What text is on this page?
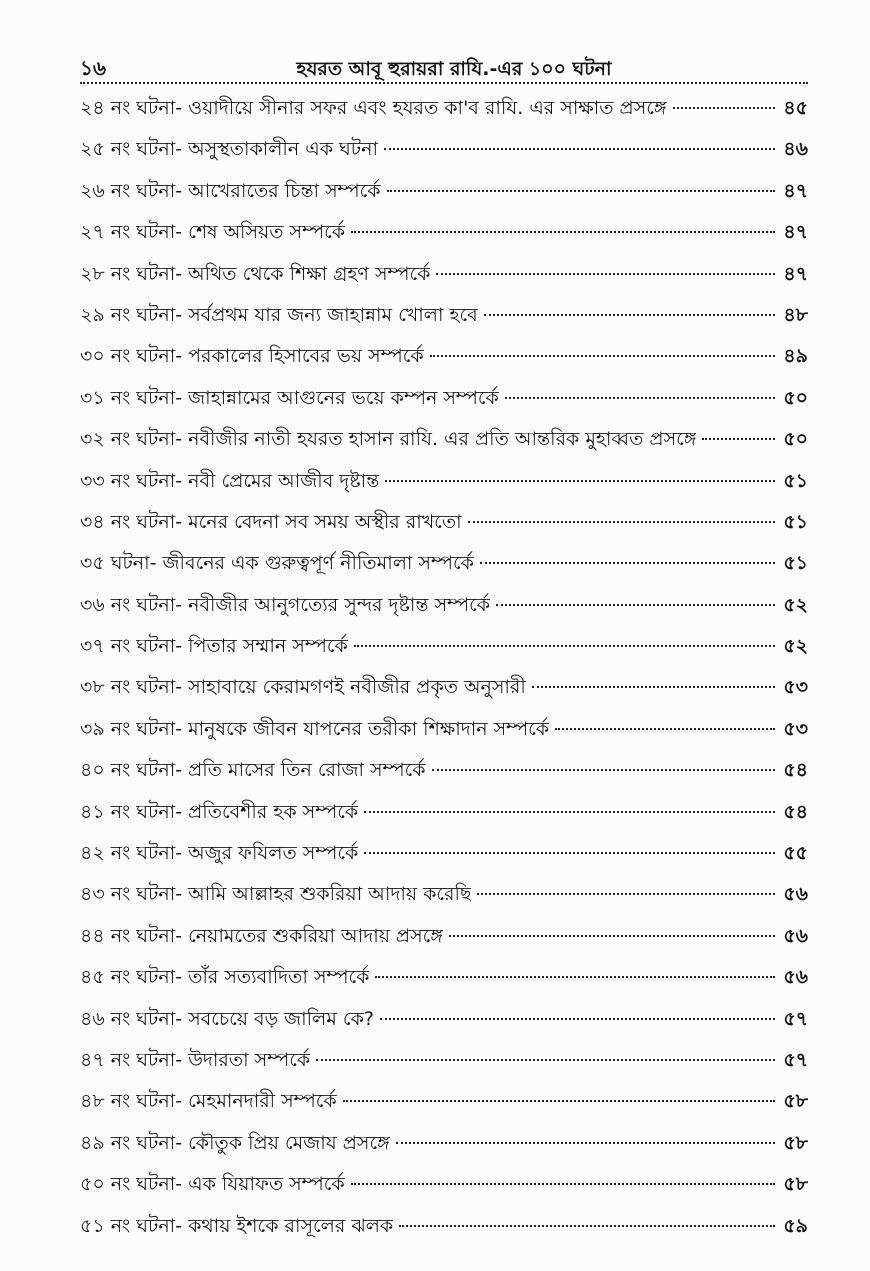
১৬	হযরত আবূ হুরায়রা রাযি.-এর ১০০ ঘটনা
২৪ নং ঘটনা- ওয়াদীয়ে সীনার সফর এবং হযরত কা'ব রাযি. এর সাক্ষাত প্রসঙ্গে	৪৫
২৫ নং ঘটনা- অসুস্থতাকালীন এক ঘটনা	৪৬
২৬ নং ঘটনা- আখেরাতের চিন্তা সম্পর্কে	৪৭
২৭ নং ঘটনা- শেষ অসিয়ত সম্পর্কে	৪৭
২৮ নং ঘটনা- অথিত থেকে শিক্ষা গ্রহণ সম্পর্কে	৪৭
২৯ নং ঘটনা- সর্বপ্রথম যার জন্য জাহান্নাম খোলা হবে	৪৮
৩০ নং ঘটনা- পরকালের হিসাবের ভয় সম্পর্কে	৪৯
৩১ নং ঘটনা- জাহান্নামের আগুনের ভয়ে কম্পন সম্পর্কে	৫০
৩২ নং ঘটনা- নবীজীর নাতী হযরত হাসান রাযি. এর প্রতি আন্তরিক মুহাব্বত প্রসঙ্গে	৫০
৩৩ নং ঘটনা- নবী প্রেমের আজীব দৃষ্টান্ত	৫১
৩৪ নং ঘটনা- মনের বেদনা সব সময় অস্থীর রাখতো	৫১
৩৫ ঘটনা- জীবনের এক গুরুত্বপূর্ণ নীতিমালা সম্পর্কে	৫১
৩৬ নং ঘটনা- নবীজীর আনুগত্যের সুন্দর দৃষ্টান্ত সম্পর্কে	৫২
৩৭ নং ঘটনা- পিতার সম্মান সম্পর্কে	৫২
৩৮ নং ঘটনা- সাহাবায়ে কেরামগণই নবীজীর প্রকৃত অনুসারী	৫৩
৩৯ নং ঘটনা- মানুষকে জীবন যাপনের তরীকা শিক্ষাদান সম্পর্কে	৫৩
৪০ নং ঘটনা- প্রতি মাসের তিন রোজা সম্পর্কে	৫৪
৪১ নং ঘটনা- প্রতিবেশীর হক সম্পর্কে	৫৪
৪২ নং ঘটনা- অজুর ফযিলত সম্পর্কে	৫৫
৪৩ নং ঘটনা- আমি আল্লাহর শুকরিয়া আদায় করেছি	৫৬
৪৪ নং ঘটনা- নেয়ামতের শুকরিয়া আদায় প্রসঙ্গে	৫৬
৪৫ নং ঘটনা- তাঁর সত্যবাদিতা সম্পর্কে	৫৬
৪৬ নং ঘটনা- সবচেয়ে বড় জালিম কে?	৫৭
৪৭ নং ঘটনা- উদারতা সম্পর্কে	৫৭
৪৮ নং ঘটনা- মেহমানদারী সম্পর্কে	৫৮
৪৯ নং ঘটনা- কৌতুক প্রিয় মেজায প্রসঙ্গে	৫৮
৫০ নং ঘটনা- এক যিয়াফত সম্পর্কে	৫৮
৫১ নং ঘটনা- কথায় ইশকে রাসূলের ঝলক	৫৯
